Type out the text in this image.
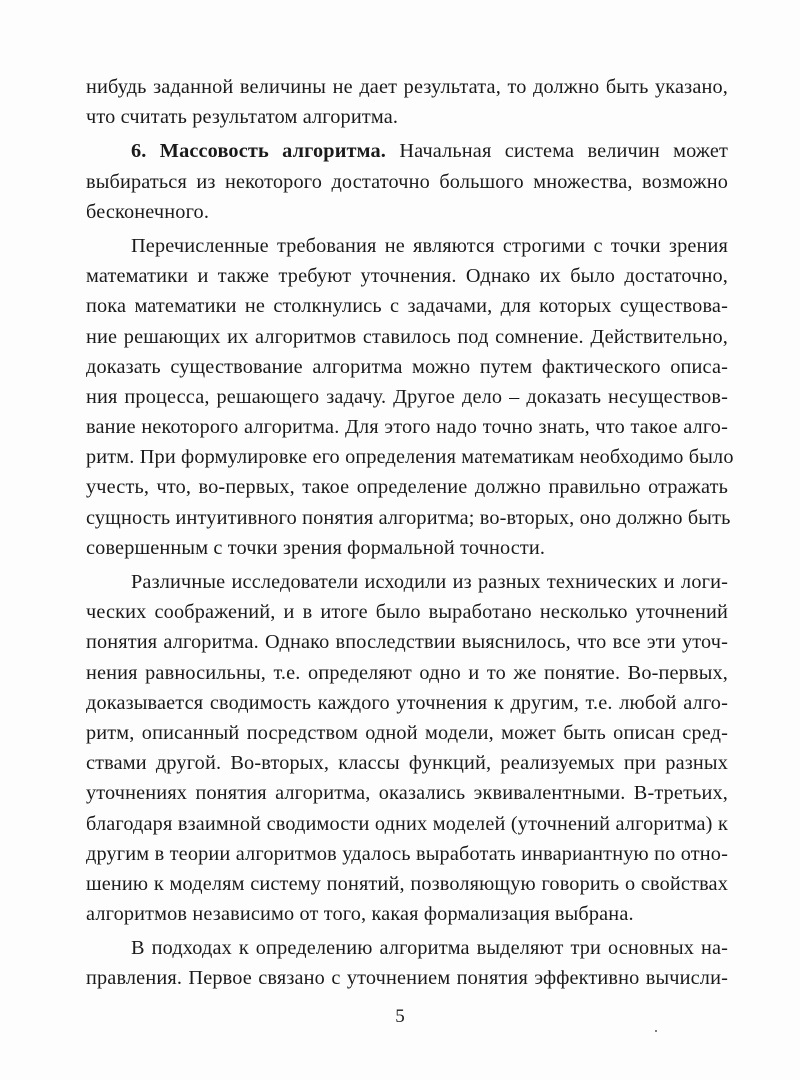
нибудь заданной величины не дает результата, то должно быть указано,
что считать результатом алгоритма.
6. Массовость алгоритма. Начальная система величин может
выбираться из некоторого достаточно большого множества, возможно
бесконечного.
Перечисленные требования не являются строгими с точки зрения
математики и также требуют уточнения. Однако их было достаточно,
пока математики не столкнулись с задачами, для которых существова-
ние решающих их алгоритмов ставилось под сомнение. Действительно,
доказать существование алгоритма можно путем фактического описа-
ния процесса, решающего задачу. Другое дело – доказать несуществов-
вание некоторого алгоритма. Для этого надо точно знать, что такое алго-
ритм. При формулировке его определения математикам необходимо было
учесть, что, во-первых, такое определение должно правильно отражать
сущность интуитивного понятия алгоритма; во-вторых, оно должно быть
совершенным с точки зрения формальной точности.
Различные исследователи исходили из разных технических и логи-
ческих соображений, и в итоге было выработано несколько уточнений
понятия алгоритма. Однако впоследствии выяснилось, что все эти уточ-
нения равносильны, т.е. определяют одно и то же понятие. Во-первых,
доказывается сводимость каждого уточнения к другим, т.е. любой алго-
ритм, описанный посредством одной модели, может быть описан сред-
ствами другой. Во-вторых, классы функций, реализуемых при разных
уточнениях понятия алгоритма, оказались эквивалентными. В-третьих,
благодаря взаимной сводимости одних моделей (уточнений алгоритма) к
другим в теории алгоритмов удалось выработать инвариантную по отно-
шению к моделям систему понятий, позволяющую говорить о свойствах
алгоритмов независимо от того, какая формализация выбрана.
В подходах к определению алгоритма выделяют три основных на-
правления. Первое связано с уточнением понятия эффективно вычисли-
5
